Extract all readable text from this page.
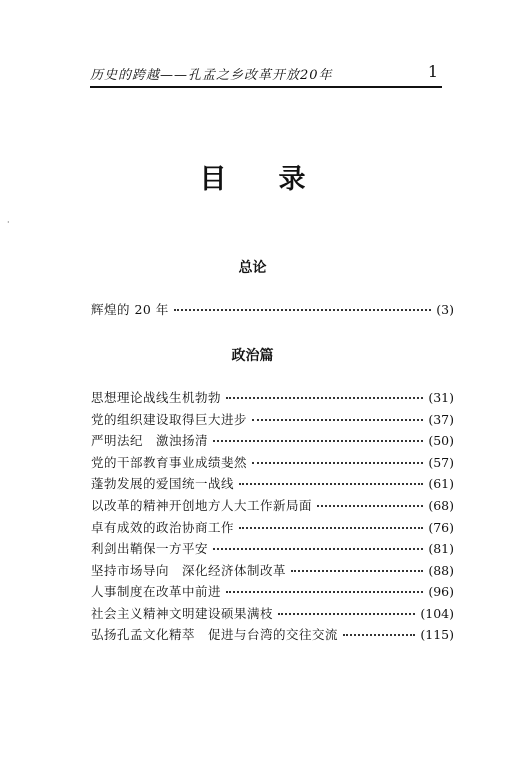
历史的跨越——孔孟之乡改革开放20年	1
目 录
·
总论
辉煌的 20 年	(3)
政治篇
思想理论战线生机勃勃	(31)
党的组织建设取得巨大进步	(37)
严明法纪　激浊扬清	(50)
党的干部教育事业成绩斐然	(57)
蓬勃发展的爱国统一战线	(61)
以改革的精神开创地方人大工作新局面	(68)
卓有成效的政治协商工作	(76)
利剑出鞘保一方平安	(81)
坚持市场导向　深化经济体制改革	(88)
人事制度在改革中前进	(96)
社会主义精神文明建设硕果满枝	(104)
弘扬孔孟文化精萃　促进与台湾的交往交流	(115)
